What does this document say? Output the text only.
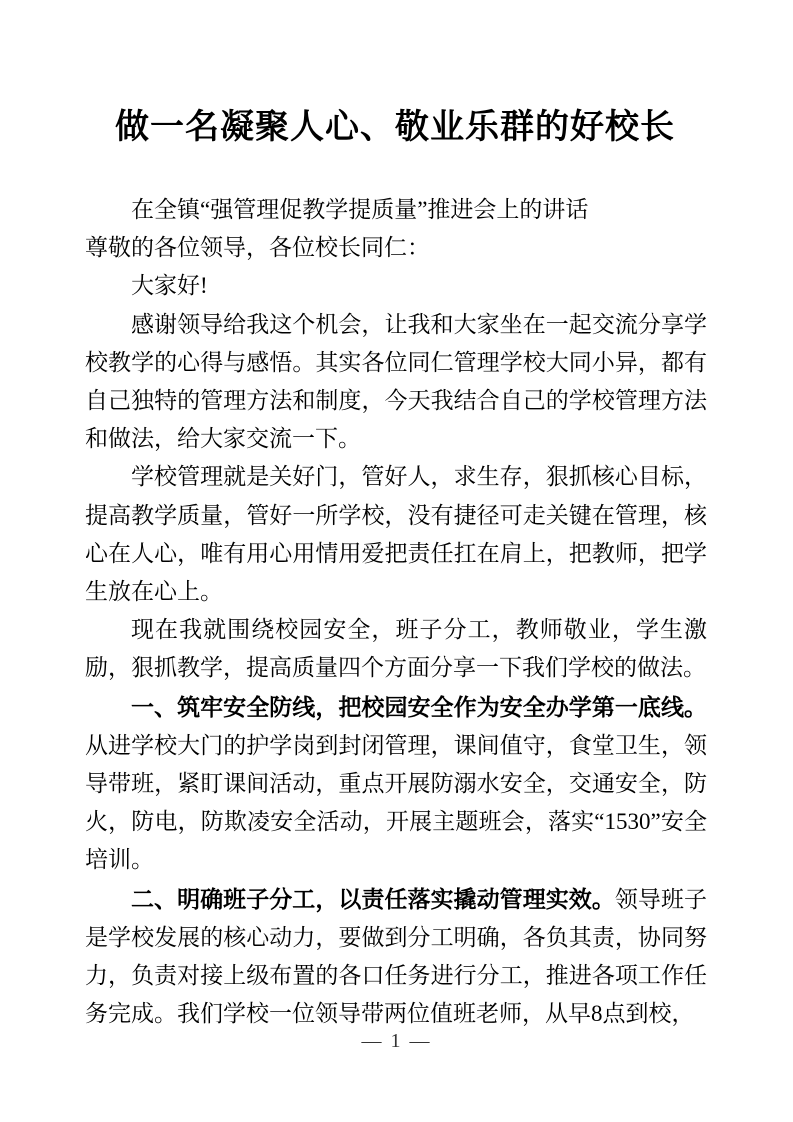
做一名凝聚人心、敬业乐群的好校长

在全镇“强管理促教学提质量”推进会上的讲话

尊敬的各位领导，各位校长同仁：

大家好!

感谢领导给我这个机会，让我和大家坐在一起交流分享学校教学的心得与感悟。其实各位同仁管理学校大同小异，都有自己独特的管理方法和制度，今天我结合自己的学校管理方法和做法，给大家交流一下。

学校管理就是关好门，管好人，求生存，狠抓核心目标，提高教学质量，管好一所学校，没有捷径可走关键在管理，核心在人心，唯有用心用情用爱把责任扛在肩上，把教师，把学生放在心上。

现在我就围绕校园安全，班子分工，教师敬业，学生激励，狠抓教学，提高质量四个方面分享一下我们学校的做法。

一、筑牢安全防线，把校园安全作为安全办学第一底线。从进学校大门的护学岗到封闭管理，课间值守，食堂卫生，领导带班，紧盯课间活动，重点开展防溺水安全，交通安全，防火，防电，防欺凌安全活动，开展主题班会，落实“1530”安全培训。

二、明确班子分工，以责任落实撬动管理实效。领导班子是学校发展的核心动力，要做到分工明确，各负其责，协同努力，负责对接上级布置的各口任务进行分工，推进各项工作任务完成。我们学校一位领导带两位值班老师，从早8点到校，

— 1 —
